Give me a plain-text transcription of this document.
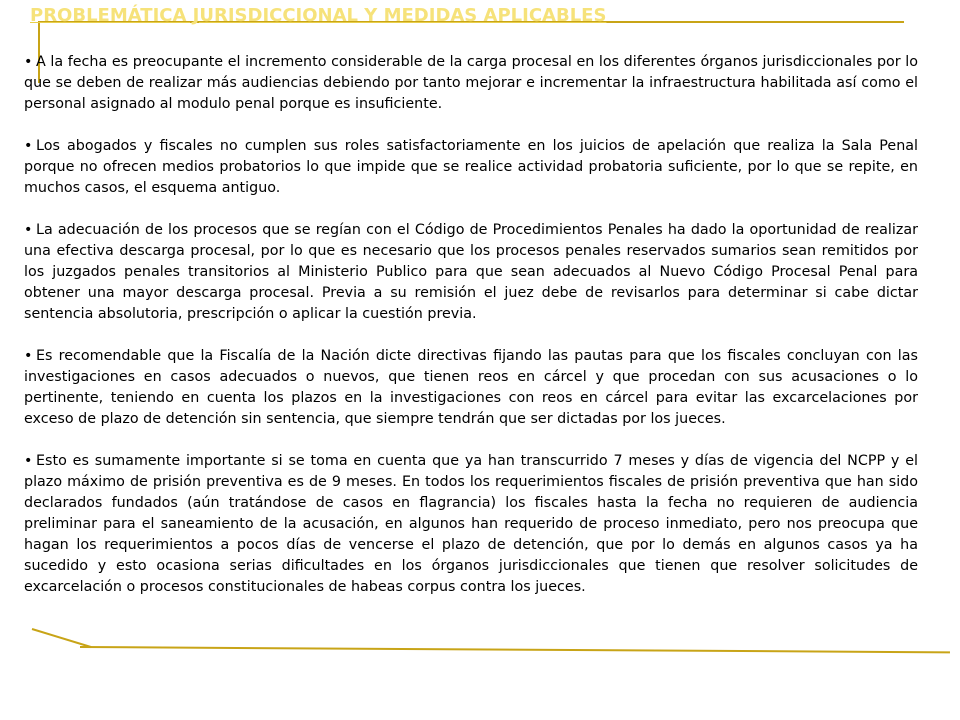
PROBLEMÁTICA JURISDICCIONAL Y MEDIDAS APLICABLES

• A la fecha es preocupante el incremento considerable de la carga procesal en los diferentes órganos jurisdiccionales por lo que se deben de realizar más audiencias debiendo por tanto mejorar e incrementar la infraestructura habilitada así como el personal asignado al modulo penal porque es insuficiente.

• Los abogados y fiscales no cumplen sus roles satisfactoriamente en los juicios de apelación que realiza la Sala Penal porque no ofrecen medios probatorios lo que impide que se realice actividad probatoria suficiente, por lo que se repite, en muchos casos, el esquema antiguo.

• La adecuación de los procesos que se regían con el Código de Procedimientos Penales ha dado la oportunidad de realizar una efectiva descarga procesal, por lo que es necesario que los procesos penales reservados sumarios sean remitidos por los juzgados penales transitorios al Ministerio Publico para que sean adecuados al Nuevo Código Procesal Penal para obtener una mayor descarga procesal. Previa a su remisión el juez debe de revisarlos para determinar si cabe dictar sentencia absolutoria, prescripción o aplicar la cuestión previa.

• Es recomendable que la Fiscalía de la Nación dicte directivas fijando las pautas para que los fiscales concluyan con las investigaciones en casos adecuados o nuevos, que tienen reos en cárcel y que procedan con sus acusaciones o lo pertinente, teniendo en cuenta los plazos en la investigaciones con reos en cárcel para evitar las excarcelaciones por exceso de plazo de detención sin sentencia, que siempre tendrán que ser dictadas por los jueces.

• Esto es sumamente importante si se toma en cuenta que ya han transcurrido 7 meses y días de vigencia del NCPP y el plazo máximo de prisión preventiva es de 9 meses. En todos los requerimientos fiscales de prisión preventiva que han sido declarados fundados (aún tratándose de casos en flagrancia) los fiscales hasta la fecha no requieren de audiencia preliminar para el saneamiento de la acusación, en algunos han requerido de proceso inmediato, pero nos preocupa que hagan los requerimientos a pocos días de vencerse el plazo de detención, que por lo demás en algunos casos ya ha sucedido y esto ocasiona serias dificultades en los órganos jurisdiccionales que tienen que resolver solicitudes de excarcelación o procesos constitucionales de habeas corpus contra los jueces.
